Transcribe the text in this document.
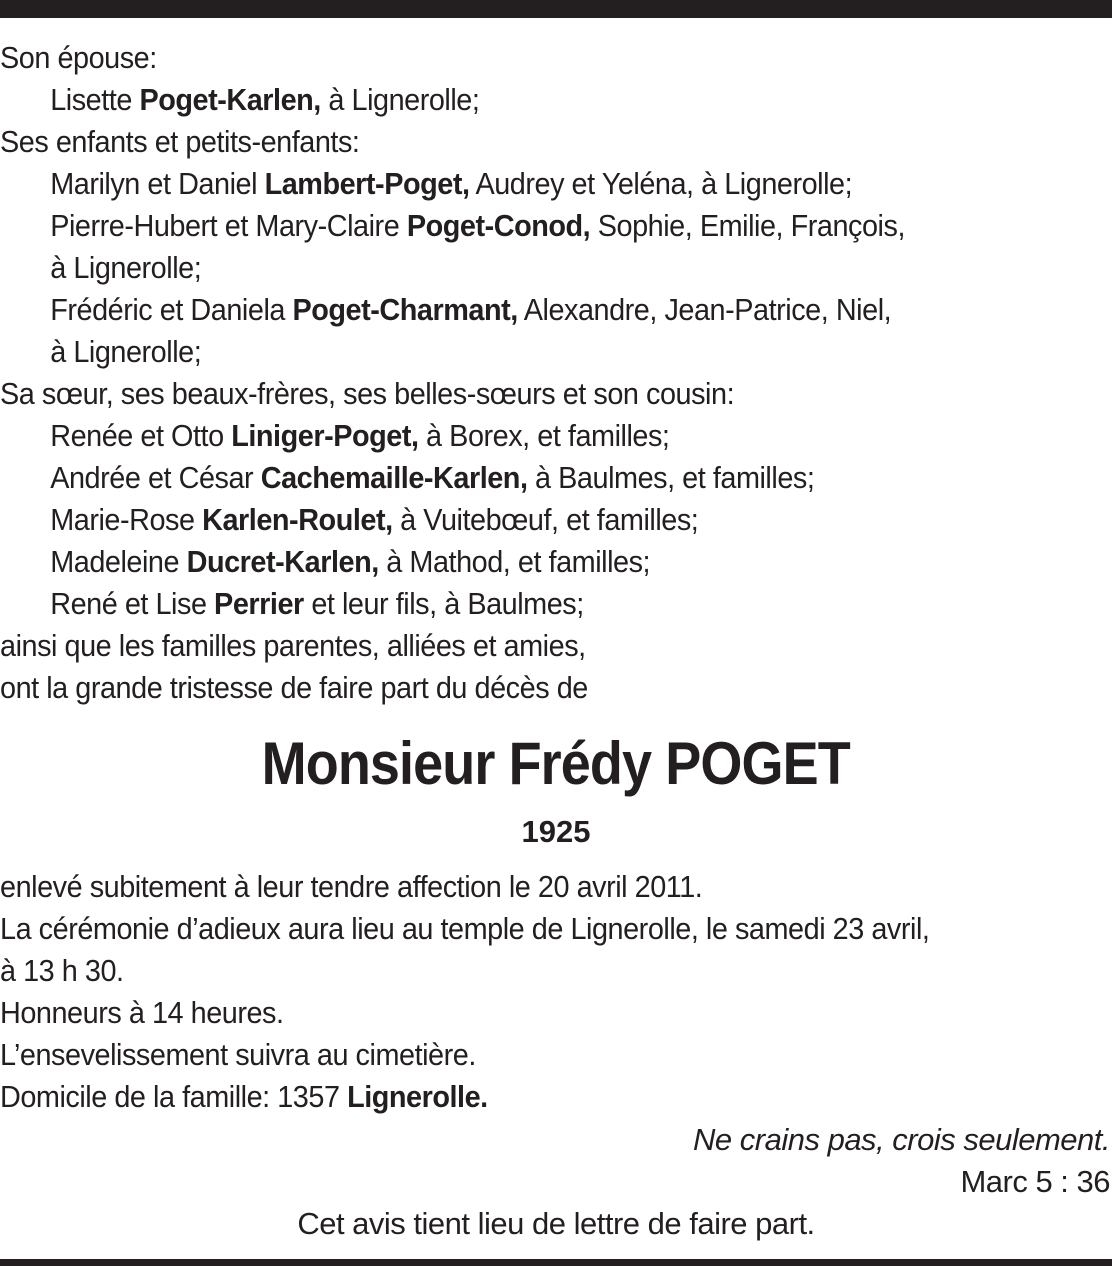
Son épouse:
Lisette Poget-Karlen, à Lignerolle;
Ses enfants et petits-enfants:
Marilyn et Daniel Lambert-Poget, Audrey et Yeléna, à Lignerolle;
Pierre-Hubert et Mary-Claire Poget-Conod, Sophie, Emilie, François,
à Lignerolle;
Frédéric et Daniela Poget-Charmant, Alexandre, Jean-Patrice, Niel,
à Lignerolle;
Sa sœur, ses beaux-frères, ses belles-sœurs et son cousin:
Renée et Otto Liniger-Poget, à Borex, et familles;
Andrée et César Cachemaille-Karlen, à Baulmes, et familles;
Marie-Rose Karlen-Roulet, à Vuitebœuf, et familles;
Madeleine Ducret-Karlen, à Mathod, et familles;
René et Lise Perrier et leur fils, à Baulmes;
ainsi que les familles parentes, alliées et amies,
ont la grande tristesse de faire part du décès de
Monsieur Frédy POGET
1925
enlevé subitement à leur tendre affection le 20 avril 2011.
La cérémonie d’adieux aura lieu au temple de Lignerolle, le samedi 23 avril,
à 13 h 30.
Honneurs à 14 heures.
L’ensevelissement suivra au cimetière.
Domicile de la famille: 1357 Lignerolle.
Ne crains pas, crois seulement.
Marc 5 : 36
Cet avis tient lieu de lettre de faire part.
